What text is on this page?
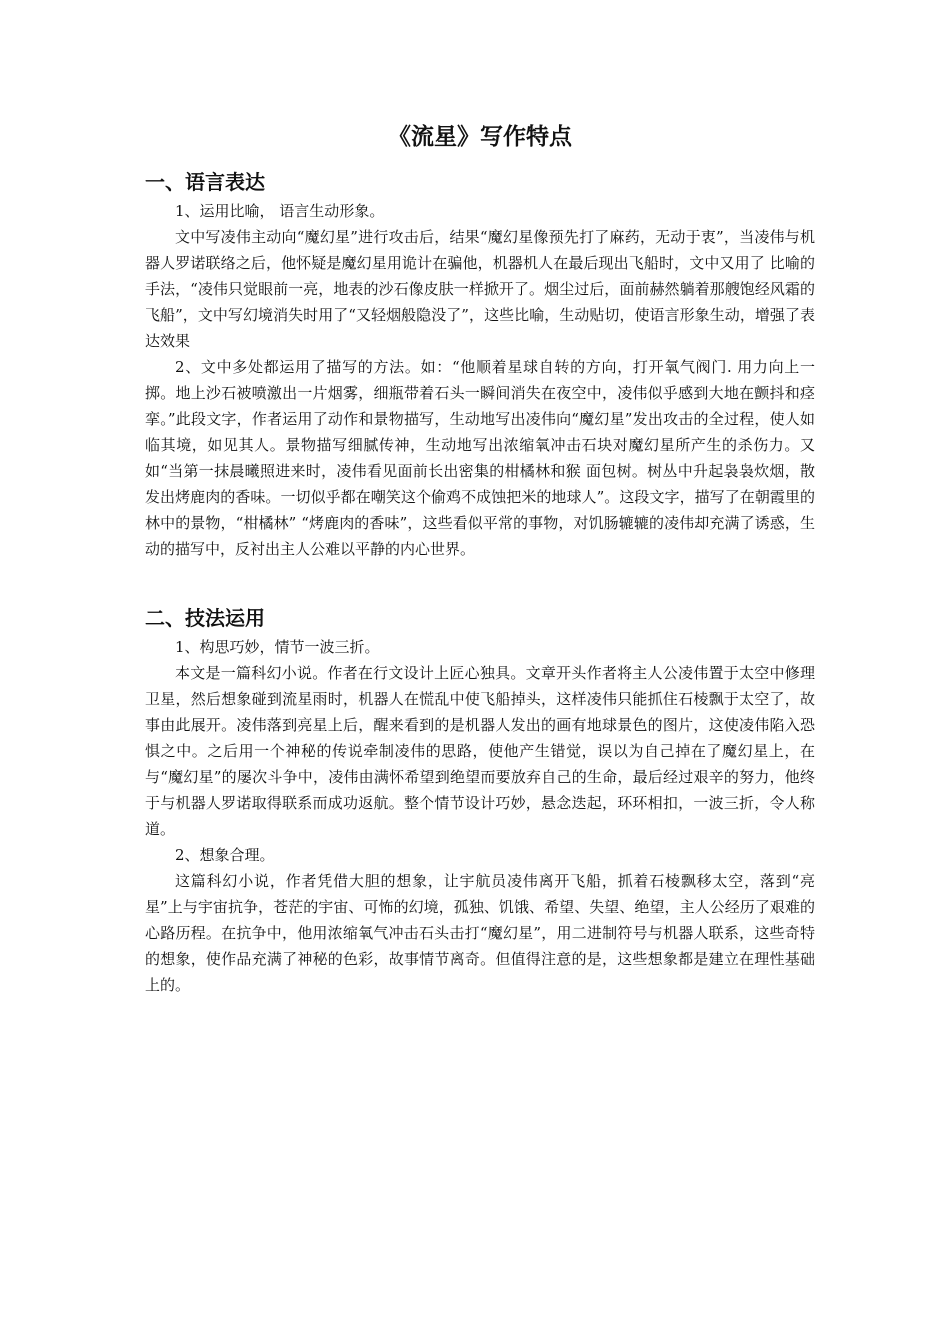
《流星》写作特点
一、语言表达

1、运用比喻， 语言生动形象。

文中写凌伟主动向“魔幻星”进行攻击后，结果“魔幻星像预先打了麻药，无动于衷”，当凌伟与机器人罗诺联络之后，他怀疑是魔幻星用诡计在骗他，机器机人在最后现出飞船时，文中又用了 比喻的手法，“凌伟只觉眼前一亮，地表的沙石像皮肤一样掀开了。烟尘过后，面前赫然躺着那艘饱经风霜的飞船”，文中写幻境消失时用了“又轻烟般隐没了”，这些比喻，生动贴切，使语言形象生动，增强了表达效果

2、文中多处都运用了描写的方法。如：“他顺着星球自转的方向，打开氧气阀门. 用力向上一掷。地上沙石被喷激出一片烟雾，细瓶带着石头一瞬间消失在夜空中，凌伟似乎感到大地在颤抖和痉挛。”此段文字，作者运用了动作和景物描写，生动地写出凌伟向“魔幻星”发出攻击的全过程，使人如临其境，如见其人。景物描写细腻传神，生动地写出浓缩氧冲击石块对魔幻星所产生的杀伤力。又如“当第一抹晨曦照进来时，凌伟看见面前长出密集的柑橘林和猴 面包树。树丛中升起袅袅炊烟，散发出烤鹿肉的香味。一切似乎都在嘲笑这个偷鸡不成蚀把米的地球人”。这段文字，描写了在朝霞里的林中的景物，“柑橘林” “烤鹿肉的香味”，这些看似平常的事物，对饥肠辘辘的凌伟却充满了诱惑，生动的描写中，反衬出主人公难以平静的内心世界。

二、技法运用

1、构思巧妙，情节一波三折。

本文是一篇科幻小说。作者在行文设计上匠心独具。文章开头作者将主人公凌伟置于太空中修理卫星，然后想象碰到流星雨时，机器人在慌乱中使飞船掉头，这样凌伟只能抓住石棱飘于太空了，故事由此展开。凌伟落到亮星上后，醒来看到的是机器人发出的画有地球景色的图片，这使凌伟陷入恐惧之中。之后用一个神秘的传说牵制凌伟的思路，使他产生错觉，误以为自己掉在了魔幻星上，在与“魔幻星”的屡次斗争中，凌伟由满怀希望到绝望而要放弃自己的生命，最后经过艰辛的努力，他终于与机器人罗诺取得联系而成功返航。整个情节设计巧妙，悬念迭起，环环相扣，一波三折，令人称道。

2、想象合理。

这篇科幻小说，作者凭借大胆的想象，让宇航员凌伟离开飞船，抓着石棱飘移太空，落到“亮星”上与宇宙抗争，苍茫的宇宙、可怖的幻境，孤独、饥饿、希望、失望、绝望，主人公经历了艰难的心路历程。在抗争中，他用浓缩氧气冲击石头击打“魔幻星”，用二进制符号与机器人联系，这些奇特的想象，使作品充满了神秘的色彩，故事情节离奇。但值得注意的是，这些想象都是建立在理性基础上的。
